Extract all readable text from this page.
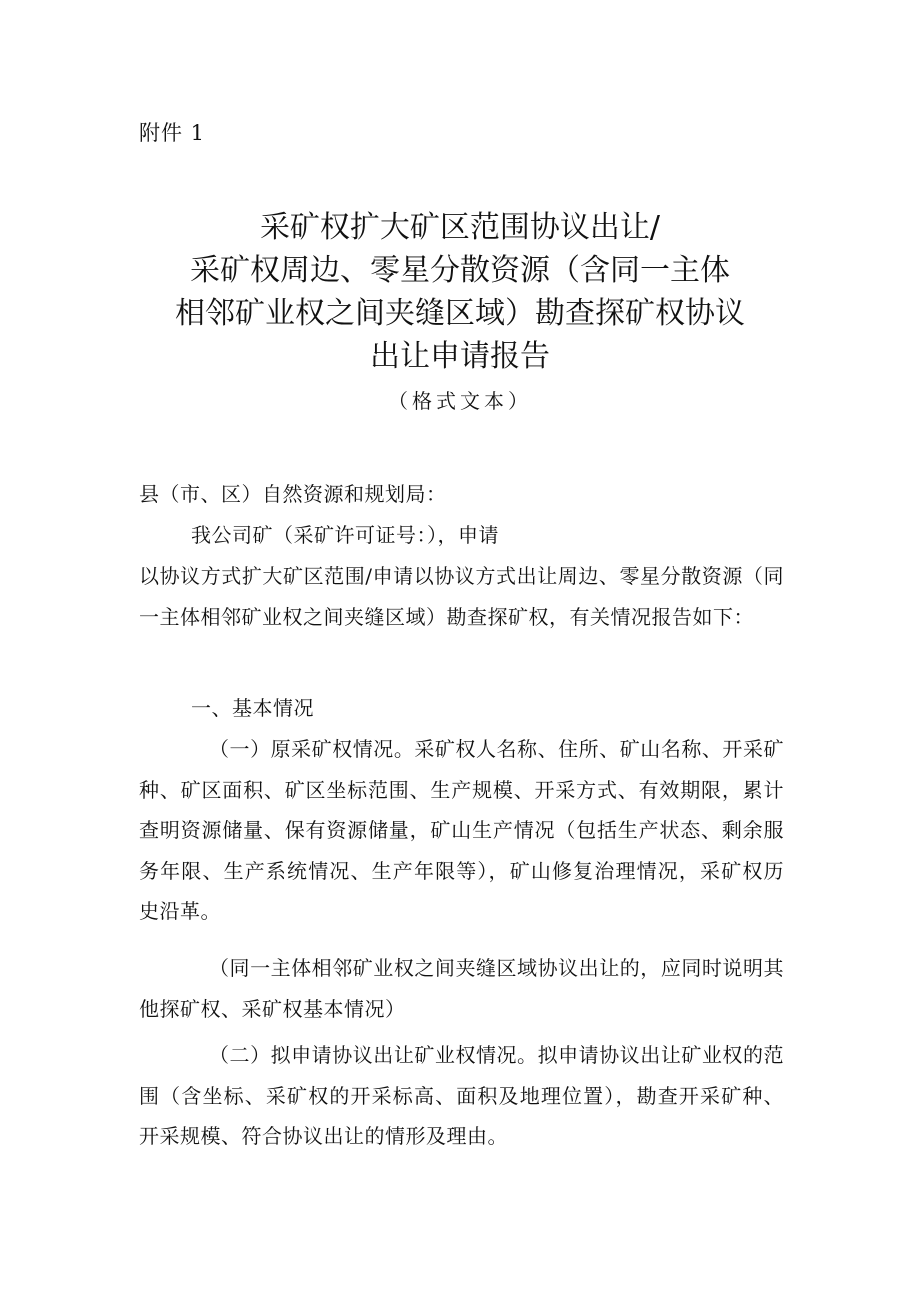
附件 1
采矿权扩大矿区范围协议出让/
采矿权周边、零星分散资源（含同一主体
相邻矿业权之间夹缝区域）勘查探矿权协议
出让申请报告
（格式文本）

县（市、区）自然资源和规划局：

我公司矿（采矿许可证号：），申请

以协议方式扩大矿区范围/申请以协议方式出让周边、零星分散资源（同一主体相邻矿业权之间夹缝区域）勘查探矿权，有关情况报告如下：

一、基本情况

（一）原采矿权情况。采矿权人名称、住所、矿山名称、开采矿种、矿区面积、矿区坐标范围、生产规模、开采方式、有效期限，累计查明资源储量、保有资源储量，矿山生产情况（包括生产状态、剩余服务年限、生产系统情况、生产年限等），矿山修复治理情况，采矿权历史沿革。

（同一主体相邻矿业权之间夹缝区域协议出让的，应同时说明其他探矿权、采矿权基本情况）

（二）拟申请协议出让矿业权情况。拟申请协议出让矿业权的范围（含坐标、采矿权的开采标高、面积及地理位置），勘查开采矿种、开采规模、符合协议出让的情形及理由。
